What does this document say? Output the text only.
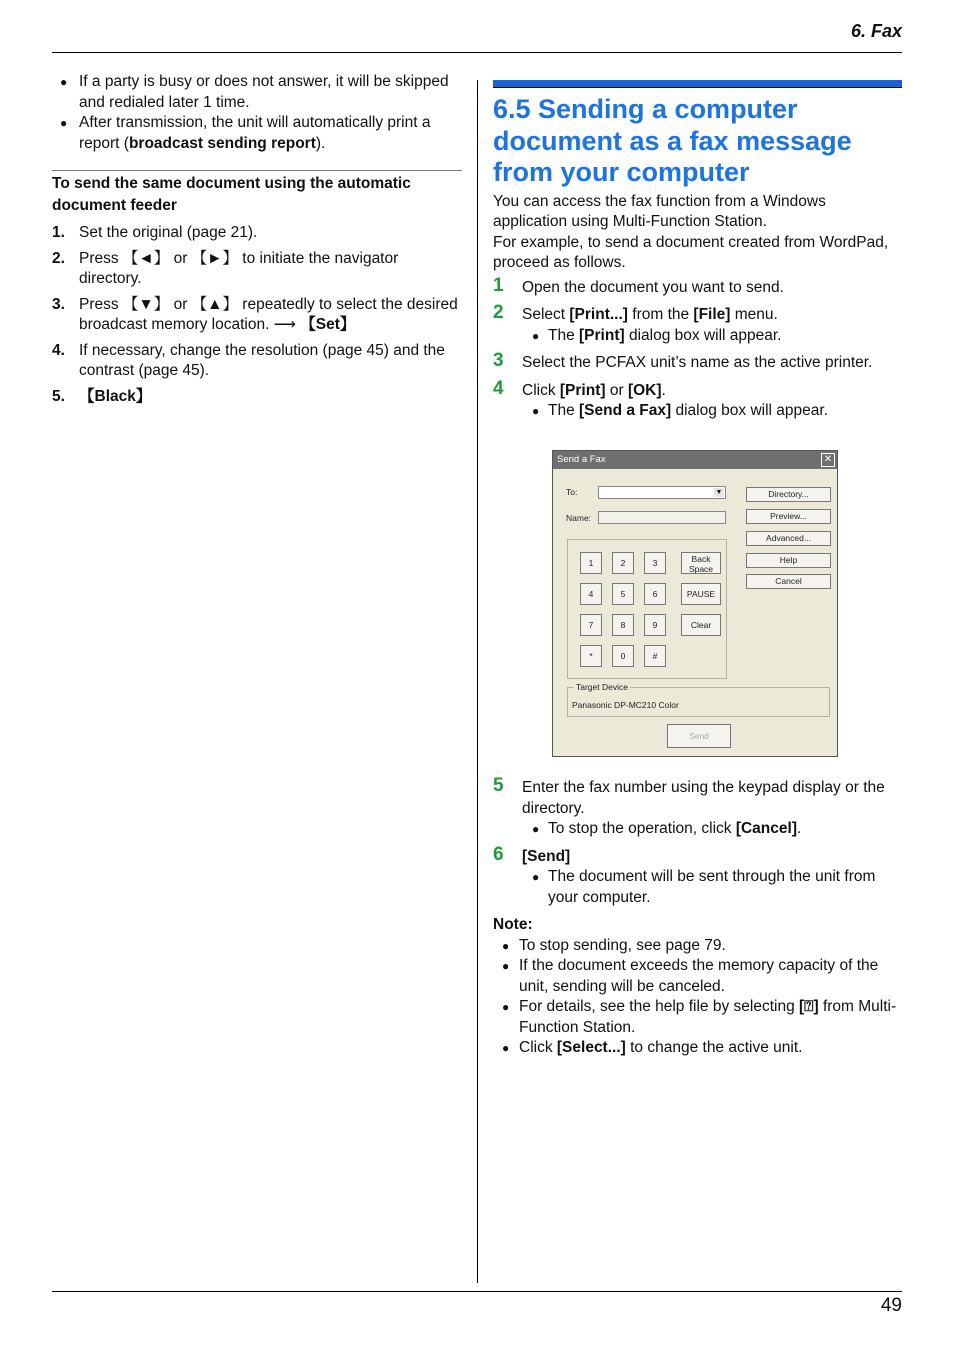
6. Fax
49
● If a party is busy or does not answer, it will be skipped and redialed later 1 time.
● After transmission, the unit will automatically print a report (broadcast sending report).
To send the same document using the automatic document feeder
1. Set the original (page 21).
2. Press 【◄】 or 【►】 to initiate the navigator directory.
3. Press 【▼】 or 【▲】 repeatedly to select the desired broadcast memory location. ⟶ 【Set】
4. If necessary, change the resolution (page 45) and the contrast (page 45).
5. 【Black】
6.5 Sending a computer document as a fax message from your computer
You can access the fax function from a Windows application using Multi-Function Station.
For example, to send a document created from WordPad, proceed as follows.
1 Open the document you want to send.
2 Select [Print...] from the [File] menu.
● The [Print] dialog box will appear.
3 Select the PCFAX unit’s name as the active printer.
4 Click [Print] or [OK].
● The [Send a Fax] dialog box will appear.
5 Enter the fax number using the keypad display or the directory.
● To stop the operation, click [Cancel].
6 [Send]
● The document will be sent through the unit from your computer.
Note:
● To stop sending, see page 79.
● If the document exceeds the memory capacity of the unit, sending will be canceled.
● For details, see the help file by selecting [⍰] from Multi-Function Station.
● Click [Select...] to change the active unit.
Send a Fax	✕
To:	▼
Name:
Directory...
Preview...
Advanced...
Help
Cancel
1	2	3	Back
Space
4	5	6	PAUSE
7	8	9	Clear
*	0	#
Target Device
Panasonic DP-MC210 Color
Send
